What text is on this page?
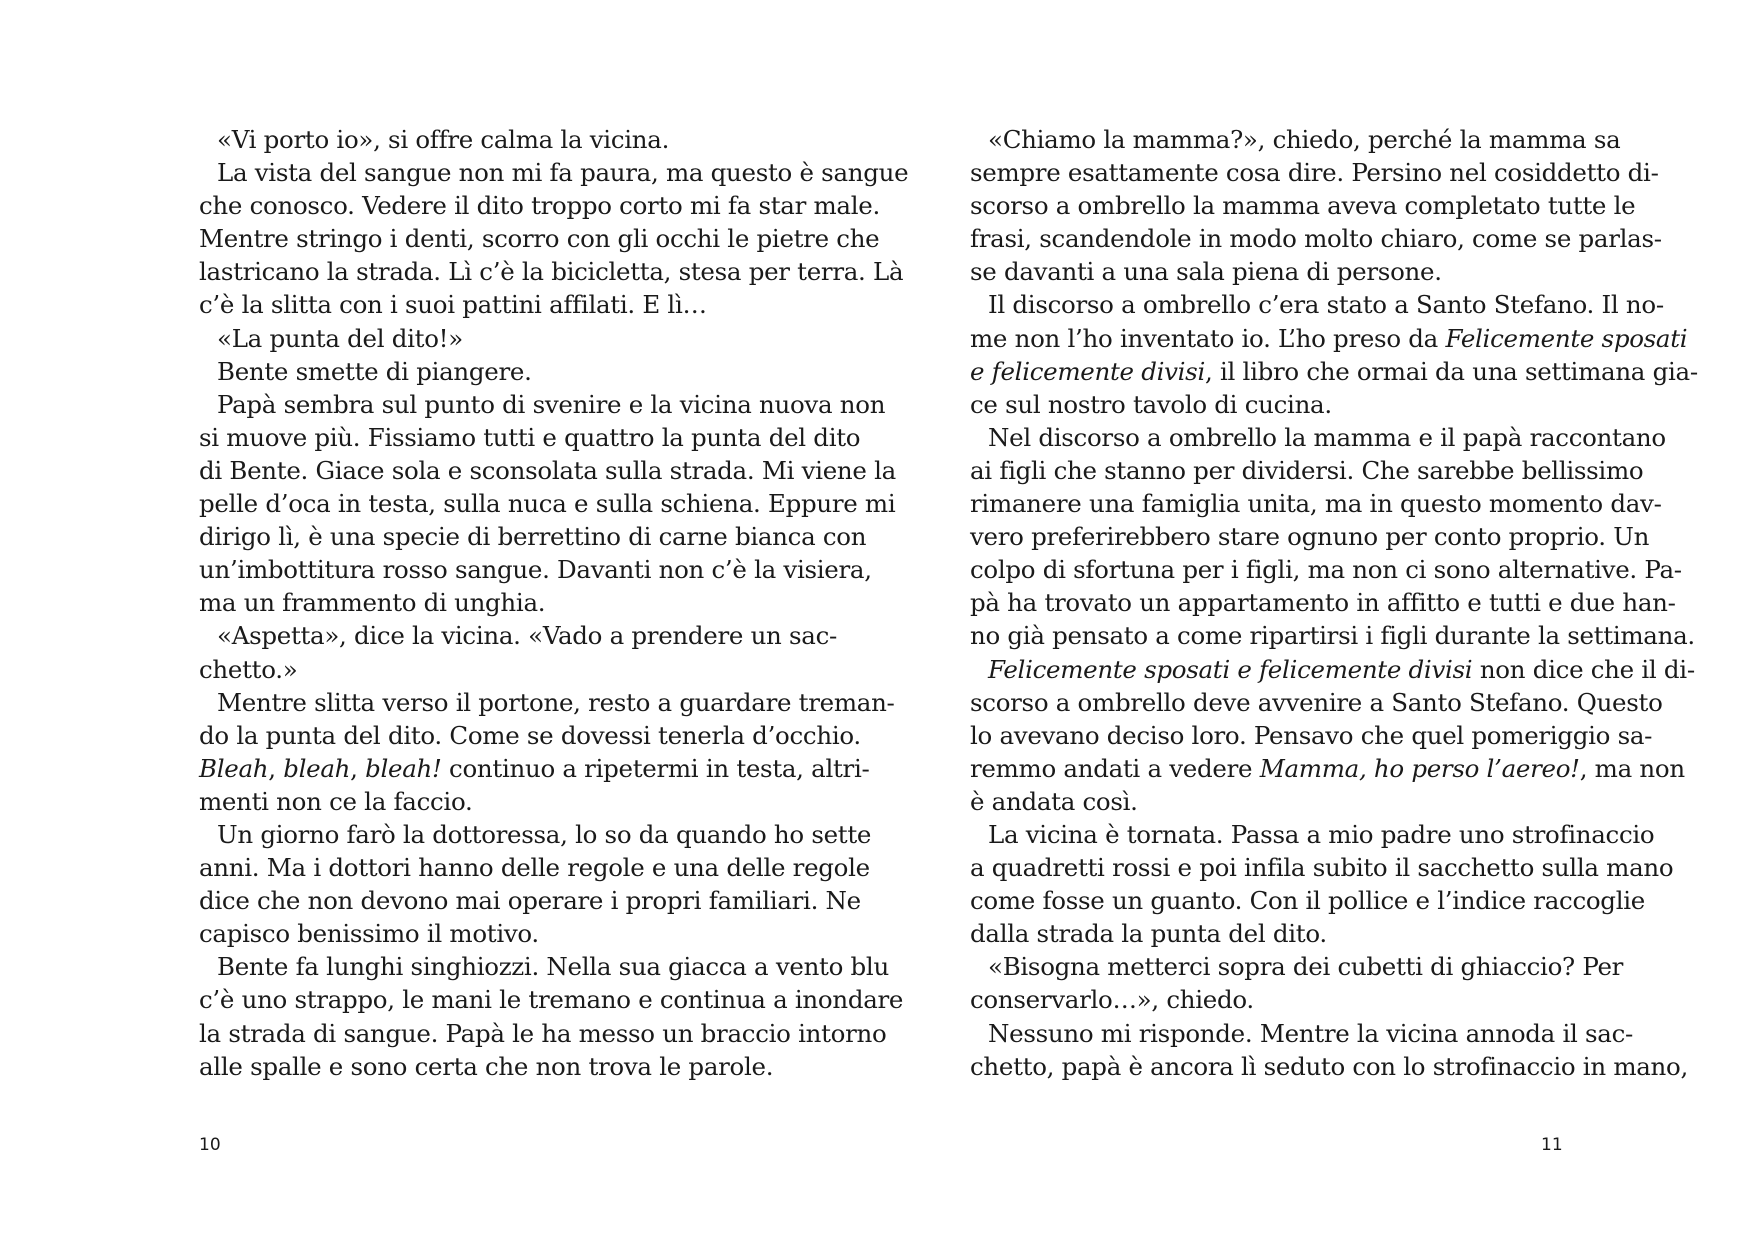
«Vi porto io», si offre calma la vicina.
La vista del sangue non mi fa paura, ma questo è sangue
che conosco. Vedere il dito troppo corto mi fa star male.
Mentre stringo i denti, scorro con gli occhi le pietre che
lastricano la strada. Lì c’è la bicicletta, stesa per terra. Là
c’è la slitta con i suoi pattini affilati. E lì…
«La punta del dito!»
Bente smette di piangere.
Papà sembra sul punto di svenire e la vicina nuova non
si muove più. Fissiamo tutti e quattro la punta del dito
di Bente. Giace sola e sconsolata sulla strada. Mi viene la
pelle d’oca in testa, sulla nuca e sulla schiena. Eppure mi
dirigo lì, è una specie di berrettino di carne bianca con
un’imbottitura rosso sangue. Davanti non c’è la visiera,
ma un frammento di unghia.
«Aspetta», dice la vicina. «Vado a prendere un sac-
chetto.»
Mentre slitta verso il portone, resto a guardare treman-
do la punta del dito. Come se dovessi tenerla d’occhio.
Bleah, bleah, bleah! continuo a ripetermi in testa, altri-
menti non ce la faccio.
Un giorno farò la dottoressa, lo so da quando ho sette
anni. Ma i dottori hanno delle regole e una delle regole
dice che non devono mai operare i propri familiari. Ne
capisco benissimo il motivo.
Bente fa lunghi singhiozzi. Nella sua giacca a vento blu
c’è uno strappo, le mani le tremano e continua a inondare
la strada di sangue. Papà le ha messo un braccio intorno
alle spalle e sono certa che non trova le parole.
«Chiamo la mamma?», chiedo, perché la mamma sa
sempre esattamente cosa dire. Persino nel cosiddetto di-
scorso a ombrello la mamma aveva completato tutte le
frasi, scandendole in modo molto chiaro, come se parlas-
se davanti a una sala piena di persone.
Il discorso a ombrello c’era stato a Santo Stefano. Il no-
me non l’ho inventato io. L’ho preso da Felicemente sposati
e felicemente divisi, il libro che ormai da una settimana gia-
ce sul nostro tavolo di cucina.
Nel discorso a ombrello la mamma e il papà raccontano
ai figli che stanno per dividersi. Che sarebbe bellissimo
rimanere una famiglia unita, ma in questo momento dav-
vero preferirebbero stare ognuno per conto proprio. Un
colpo di sfortuna per i figli, ma non ci sono alternative. Pa-
pà ha trovato un appartamento in affitto e tutti e due han-
no già pensato a come ripartirsi i figli durante la settimana.
Felicemente sposati e felicemente divisi non dice che il di-
scorso a ombrello deve avvenire a Santo Stefano. Questo
lo avevano deciso loro. Pensavo che quel pomeriggio sa-
remmo andati a vedere Mamma, ho perso l’aereo!, ma non
è andata così.
La vicina è tornata. Passa a mio padre uno strofinaccio
a quadretti rossi e poi infila subito il sacchetto sulla mano
come fosse un guanto. Con il pollice e l’indice raccoglie
dalla strada la punta del dito.
«Bisogna metterci sopra dei cubetti di ghiaccio? Per
conservarlo…», chiedo.
Nessuno mi risponde. Mentre la vicina annoda il sac-
chetto, papà è ancora lì seduto con lo strofinaccio in mano,
10	11
